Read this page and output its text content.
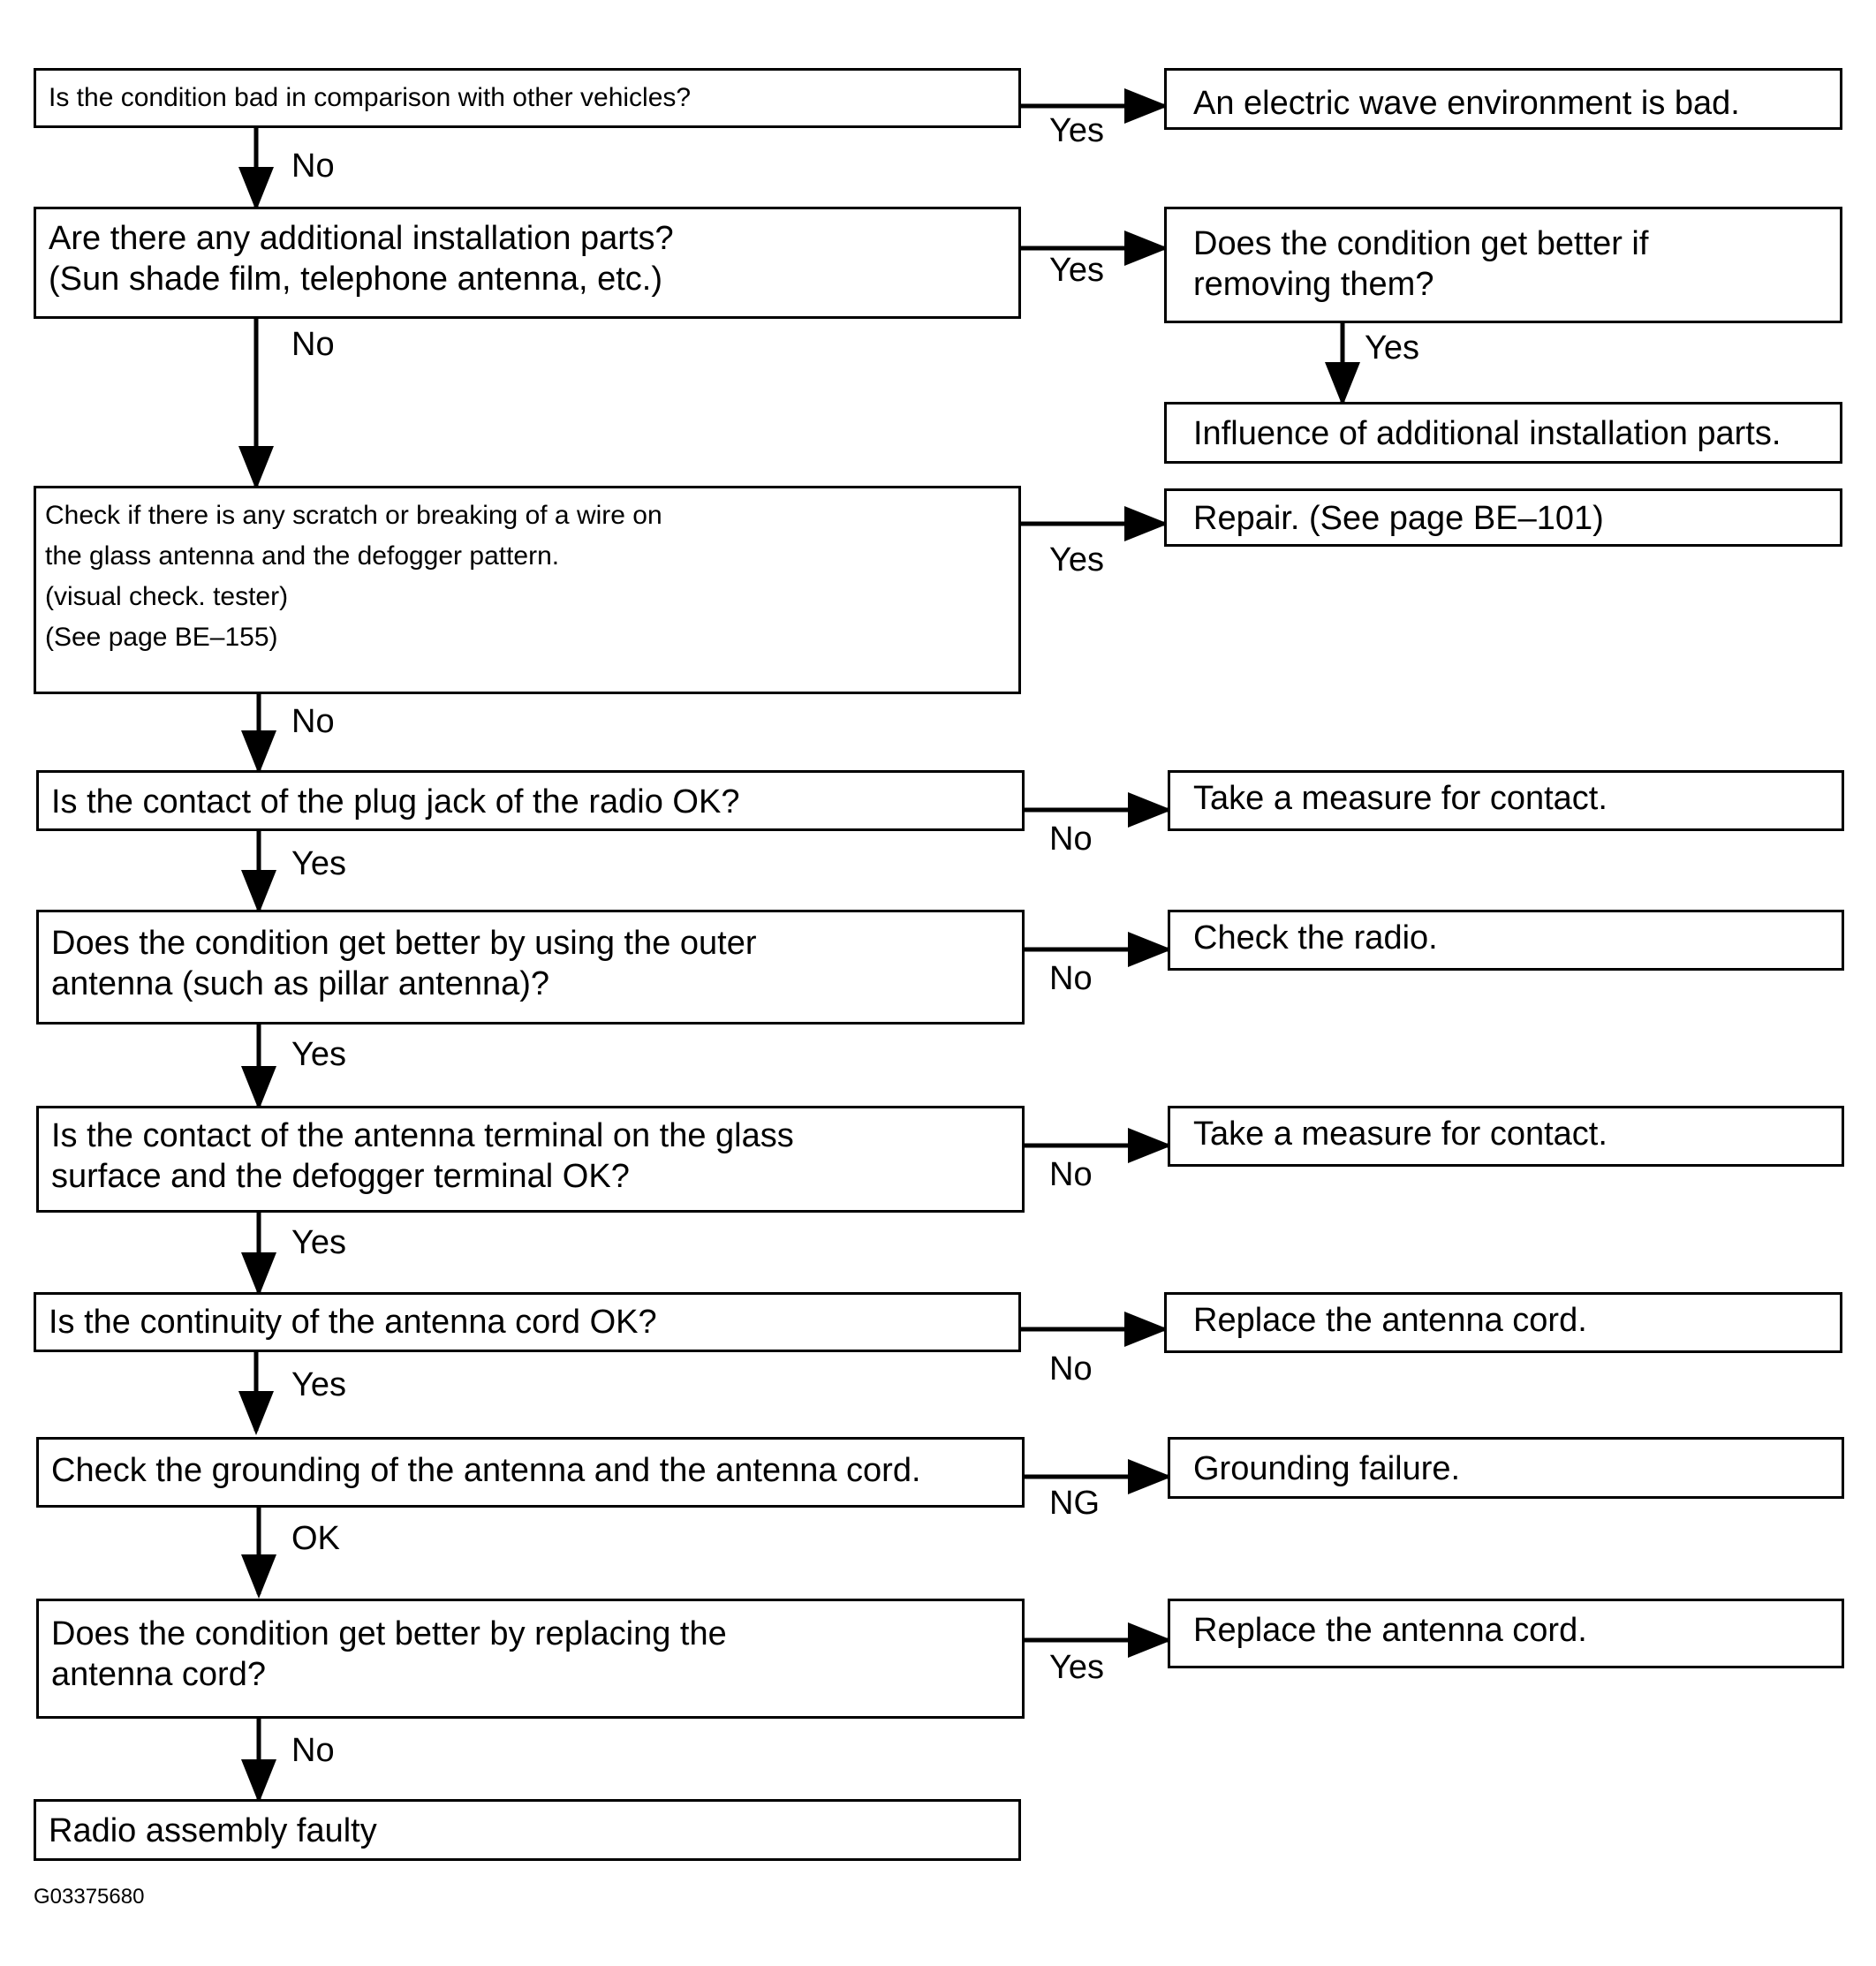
Is the condition bad in comparison with other vehicles?
Are there any additional installation parts?
(Sun shade film, telephone antenna, etc.)
Check if there is any scratch or breaking of a wire on
the glass antenna and the defogger pattern.
(visual check. tester)
(See page BE–155)
Is the contact of the plug jack of the radio OK?
Does the condition get better by using the outer
antenna (such as pillar antenna)?
Is the contact of the antenna terminal on the glass
surface and the defogger terminal OK?
Is the continuity of the antenna cord OK?
Check the grounding of the antenna and the antenna cord.
Does the condition get better by replacing the
antenna cord?
Radio assembly faulty
An electric wave environment is bad.
Does the condition get better if
removing them?
Influence of additional installation parts.
Repair. (See page BE–101)
Take a measure for contact.
Check the radio.
Take a measure for contact.
Replace the antenna cord.
Grounding failure.
Replace the antenna cord.
Yes
No
Yes
No	Yes
Yes
No
No
Yes
No
Yes
No
Yes
No
Yes
NG
OK
Yes
No
G03375680
